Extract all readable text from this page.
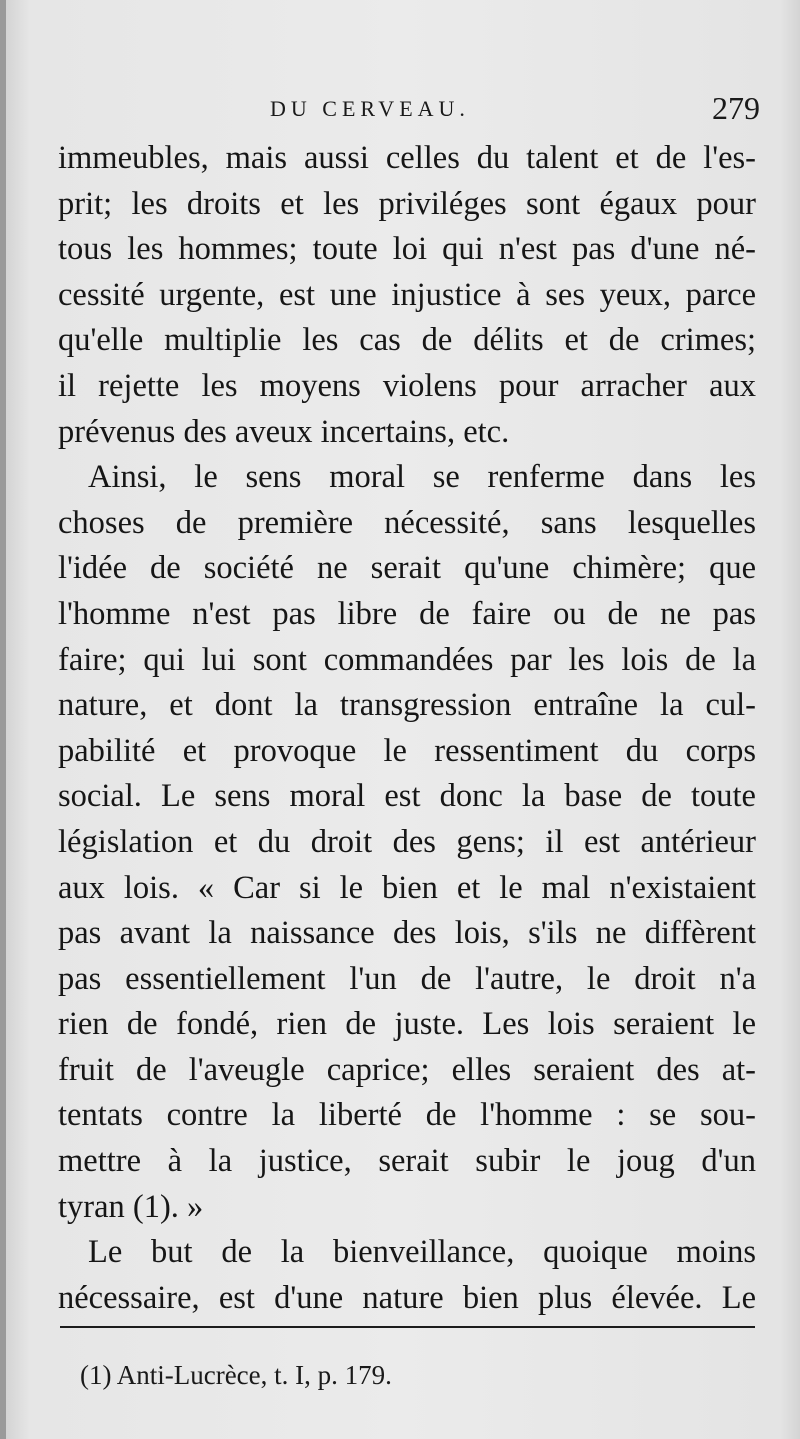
DU CERVEAU.	279
immeubles, mais aussi celles du talent et de l'es-
prit; les droits et les priviléges sont égaux pour
tous les hommes; toute loi qui n'est pas d'une né-
cessité urgente, est une injustice à ses yeux, parce
qu'elle multiplie les cas de délits et de crimes;
il rejette les moyens violens pour arracher aux
prévenus des aveux incertains, etc.
Ainsi, le sens moral se renferme dans les
choses de première nécessité, sans lesquelles
l'idée de société ne serait qu'une chimère; que
l'homme n'est pas libre de faire ou de ne pas
faire; qui lui sont commandées par les lois de la
nature, et dont la transgression entraîne la cul-
pabilité et provoque le ressentiment du corps
social. Le sens moral est donc la base de toute
législation et du droit des gens; il est antérieur
aux lois. « Car si le bien et le mal n'existaient
pas avant la naissance des lois, s'ils ne diffèrent
pas essentiellement l'un de l'autre, le droit n'a
rien de fondé, rien de juste. Les lois seraient le
fruit de l'aveugle caprice; elles seraient des at-
tentats contre la liberté de l'homme : se sou-
mettre à la justice, serait subir le joug d'un
tyran (1). »
Le but de la bienveillance, quoique moins
nécessaire, est d'une nature bien plus élevée. Le
(1) Anti-Lucrèce, t. I, p. 179.
